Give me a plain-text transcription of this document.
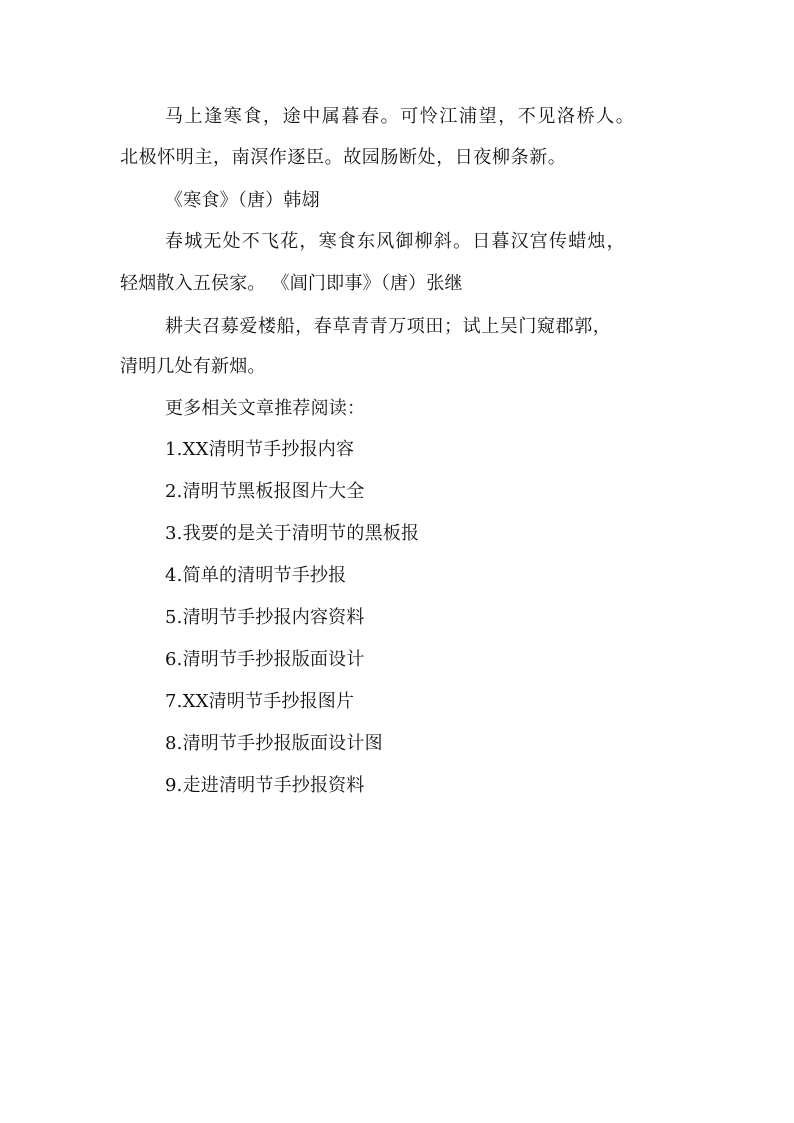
马上逢寒食，途中属暮春。可怜江浦望，不见洛桥人。
北极怀明主，南溟作逐臣。故园肠断处，日夜柳条新。
《寒食》（唐）韩翃
春城无处不飞花，寒食东风御柳斜。日暮汉宫传蜡烛，
轻烟散入五侯家。 《阊门即事》（唐）张继
耕夫召募爱楼船，春草青青万项田；试上吴门窥郡郭，
清明几处有新烟。
更多相关文章推荐阅读：
1.XX清明节手抄报内容
2.清明节黑板报图片大全
3.我要的是关于清明节的黑板报
4.简单的清明节手抄报
5.清明节手抄报内容资料
6.清明节手抄报版面设计
7.XX清明节手抄报图片
8.清明节手抄报版面设计图
9.走进清明节手抄报资料
